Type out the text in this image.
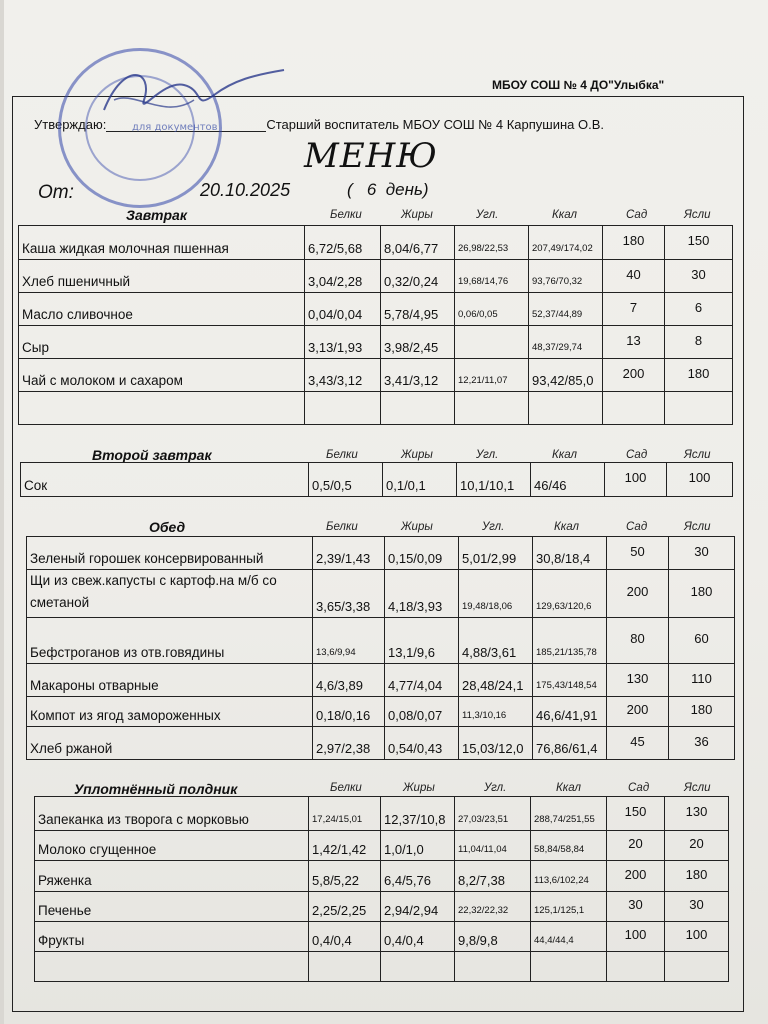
МБОУ СОШ № 4 ДО"Улыбка"
Утверждаю:	Старший воспитатель МБОУ СОШ № 4 Карпушина О.В.
МЕНЮ
От:	20.10.2025	(   6  день)
Завтрак	Белки	Жиры	Угл.	Ккал	Сад	Ясли
Каша жидкая молочная пшенная	6,72/5,68	8,04/6,77	26,98/22,53	207,49/174,02	180	150
Хлеб пшеничный	3,04/2,28	0,32/0,24	19,68/14,76	93,76/70,32	40	30
Масло сливочное	0,04/0,04	5,78/4,95	0,06/0,05	52,37/44,89	7	6
Сыр	3,13/1,93	3,98/2,45		48,37/29,74	13	8
Чай с молоком и сахаром	3,43/3,12	3,41/3,12	12,21/11,07	93,42/85,0	200	180

Второй завтрак	Белки	Жиры	Угл.	Ккал	Сад	Ясли
Сок	0,5/0,5	0,1/0,1	10,1/10,1	46/46	100	100
Обед	Белки	Жиры	Угл.	Ккал	Сад	Ясли
Зеленый горошек консервированный	2,39/1,43	0,15/0,09	5,01/2,99	30,8/18,4	50	30
Щи из свеж.капусты с картоф.на м/б со сметаной	3,65/3,38	4,18/3,93	19,48/18,06	129,63/120,6	200	180
Бефстроганов из отв.говядины	13,6/9,94	13,1/9,6	4,88/3,61	185,21/135,78	80	60
Макароны отварные	4,6/3,89	4,77/4,04	28,48/24,1	175,43/148,54	130	110
Компот из ягод замороженных	0,18/0,16	0,08/0,07	11,3/10,16	46,6/41,91	200	180
Хлеб ржаной	2,97/2,38	0,54/0,43	15,03/12,0	76,86/61,4	45	36
Уплотнённый полдник	Белки	Жиры	Угл.	Ккал	Сад	Ясли
Запеканка из творога с морковью	17,24/15,01	12,37/10,8	27,03/23,51	288,74/251,55	150	130
Молоко сгущенное	1,42/1,42	1,0/1,0	11,04/11,04	58,84/58,84	20	20
Ряженка	5,8/5,22	6,4/5,76	8,2/7,38	113,6/102,24	200	180
Печенье	2,25/2,25	2,94/2,94	22,32/22,32	125,1/125,1	30	30
Фрукты	0,4/0,4	0,4/0,4	9,8/9,8	44,4/44,4	100	100

для документов
